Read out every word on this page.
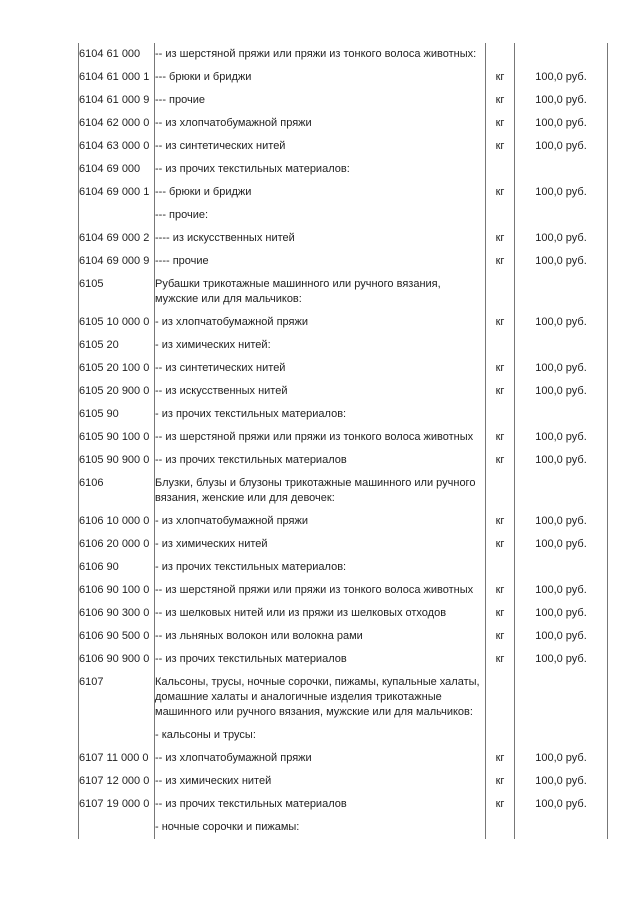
6104 61 000	-- из шерстяной пряжи или пряжи из тонкого волоса животных:		
6104 61 000 1	--- брюки и бриджи	кг	100,0 руб.
6104 61 000 9	--- прочие	кг	100,0 руб.
6104 62 000 0	-- из хлопчатобумажной пряжи	кг	100,0 руб.
6104 63 000 0	-- из синтетических нитей	кг	100,0 руб.
6104 69 000	-- из прочих текстильных материалов:		
6104 69 000 1	--- брюки и бриджи	кг	100,0 руб.
	--- прочие:		
6104 69 000 2	---- из искусственных нитей	кг	100,0 руб.
6104 69 000 9	---- прочие	кг	100,0 руб.
6105	Рубашки трикотажные машинного или ручного вязания, мужские или для мальчиков:		
6105 10 000 0	- из хлопчатобумажной пряжи	кг	100,0 руб.
6105 20	- из химических нитей:		
6105 20 100 0	-- из синтетических нитей	кг	100,0 руб.
6105 20 900 0	-- из искусственных нитей	кг	100,0 руб.
6105 90	- из прочих текстильных материалов:		
6105 90 100 0	-- из шерстяной пряжи или пряжи из тонкого волоса животных	кг	100,0 руб.
6105 90 900 0	-- из прочих текстильных материалов	кг	100,0 руб.
6106	Блузки, блузы и блузоны трикотажные машинного или ручного вязания, женские или для девочек:		
6106 10 000 0	- из хлопчатобумажной пряжи	кг	100,0 руб.
6106 20 000 0	- из химических нитей	кг	100,0 руб.
6106 90	- из прочих текстильных материалов:		
6106 90 100 0	-- из шерстяной пряжи или пряжи из тонкого волоса животных	кг	100,0 руб.
6106 90 300 0	-- из шелковых нитей или из пряжи из шелковых отходов	кг	100,0 руб.
6106 90 500 0	-- из льняных волокон или волокна рами	кг	100,0 руб.
6106 90 900 0	-- из прочих текстильных материалов	кг	100,0 руб.
6107	Кальсоны, трусы, ночные сорочки, пижамы, купальные халаты, домашние халаты и аналогичные изделия трикотажные машинного или ручного вязания, мужские или для мальчиков:		
	- кальсоны и трусы:		
6107 11 000 0	-- из хлопчатобумажной пряжи	кг	100,0 руб.
6107 12 000 0	-- из химических нитей	кг	100,0 руб.
6107 19 000 0	-- из прочих текстильных материалов	кг	100,0 руб.
	- ночные сорочки и пижамы:		
